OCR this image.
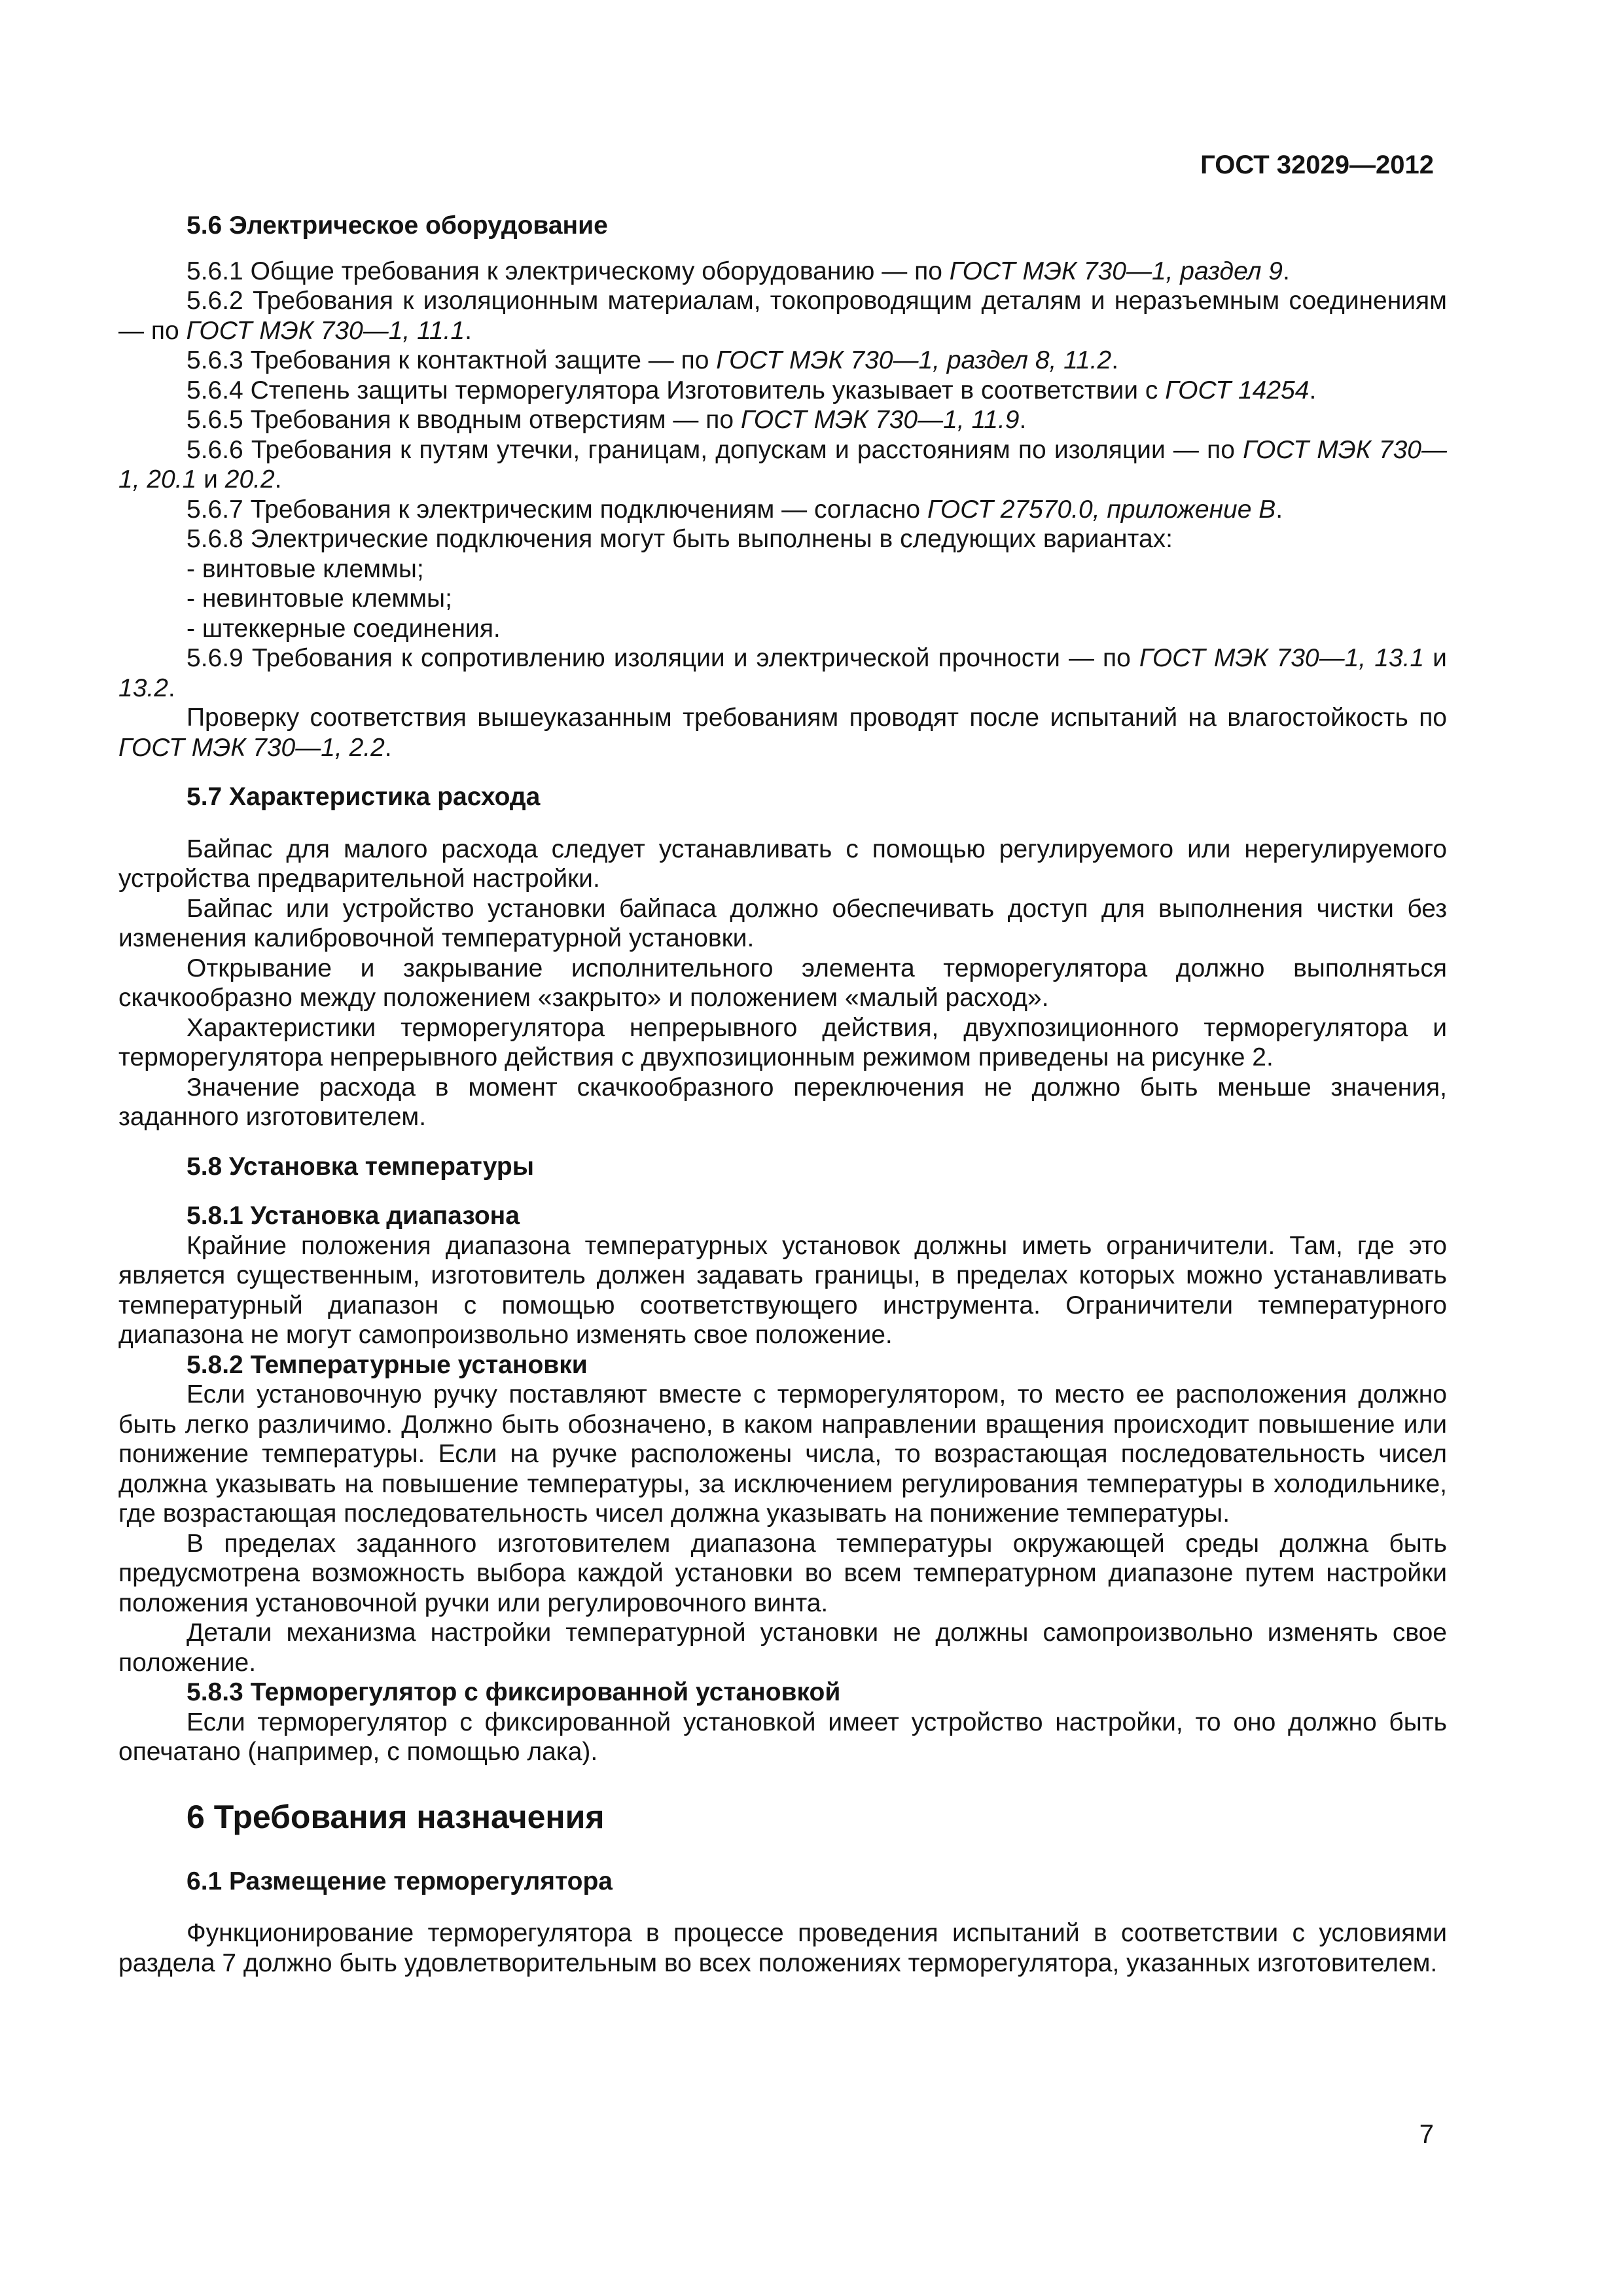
ГОСТ 32029—2012

5.6 Электрическое оборудование

5.6.1 Общие требования к электрическому оборудованию — по ГОСТ МЭК 730—1, раздел 9.

5.6.2 Требования к изоляционным материалам, токопроводящим деталям и неразъемным соединениям — по ГОСТ МЭК 730—1, 11.1.

5.6.3 Требования к контактной защите — по ГОСТ МЭК 730—1, раздел 8, 11.2.

5.6.4 Степень защиты терморегулятора Изготовитель указывает в соответствии с ГОСТ 14254.

5.6.5 Требования к вводным отверстиям — по ГОСТ МЭК 730—1, 11.9.

5.6.6 Требования к путям утечки, границам, допускам и расстояниям по изоляции — по ГОСТ МЭК 730—1, 20.1 и 20.2.

5.6.7 Требования к электрическим подключениям — согласно ГОСТ 27570.0, приложение В.

5.6.8 Электрические подключения могут быть выполнены в следующих вариантах:

- винтовые клеммы;

- невинтовые клеммы;

- штеккерные соединения.

5.6.9 Требования к сопротивлению изоляции и электрической прочности — по ГОСТ МЭК 730—1, 13.1 и 13.2.

Проверку соответствия вышеуказанным требованиям проводят после испытаний на влагостойкость по ГОСТ МЭК 730—1, 2.2.

5.7 Характеристика расхода

Байпас для малого расхода следует устанавливать с помощью регулируемого или нерегулируемого устройства предварительной настройки.

Байпас или устройство установки байпаса должно обеспечивать доступ для выполнения чистки без изменения калибровочной температурной установки.

Открывание и закрывание исполнительного элемента терморегулятора должно выполняться скачкообразно между положением «закрыто» и положением «малый расход».

Характеристики терморегулятора непрерывного действия, двухпозиционного терморегулятора и терморегулятора непрерывного действия с двухпозиционным режимом приведены на рисунке 2.

Значение расхода в момент скачкообразного переключения не должно быть меньше значения, заданного изготовителем.

5.8 Установка температуры

5.8.1 Установка диапазона

Крайние положения диапазона температурных установок должны иметь ограничители. Там, где это является существенным, изготовитель должен задавать границы, в пределах которых можно устанавливать температурный диапазон с помощью соответствующего инструмента. Ограничители температурного диапазона не могут самопроизвольно изменять свое положение.

5.8.2 Температурные установки

Если установочную ручку поставляют вместе с терморегулятором, то место ее расположения должно быть легко различимо. Должно быть обозначено, в каком направлении вращения происходит повышение или понижение температуры. Если на ручке расположены числа, то возрастающая последовательность чисел должна указывать на повышение температуры, за исключением регулирования температуры в холодильнике, где возрастающая последовательность чисел должна указывать на понижение температуры.

В пределах заданного изготовителем диапазона температуры окружающей среды должна быть предусмотрена возможность выбора каждой установки во всем температурном диапазоне путем настройки положения установочной ручки или регулировочного винта.

Детали механизма настройки температурной установки не должны самопроизвольно изменять свое положение.

5.8.3 Терморегулятор с фиксированной установкой

Если терморегулятор с фиксированной установкой имеет устройство настройки, то оно должно быть опечатано (например, с помощью лака).

6 Требования назначения

6.1 Размещение терморегулятора

Функционирование терморегулятора в процессе проведения испытаний в соответствии с условиями раздела 7 должно быть удовлетворительным во всех положениях терморегулятора, указанных изготовителем.

7
